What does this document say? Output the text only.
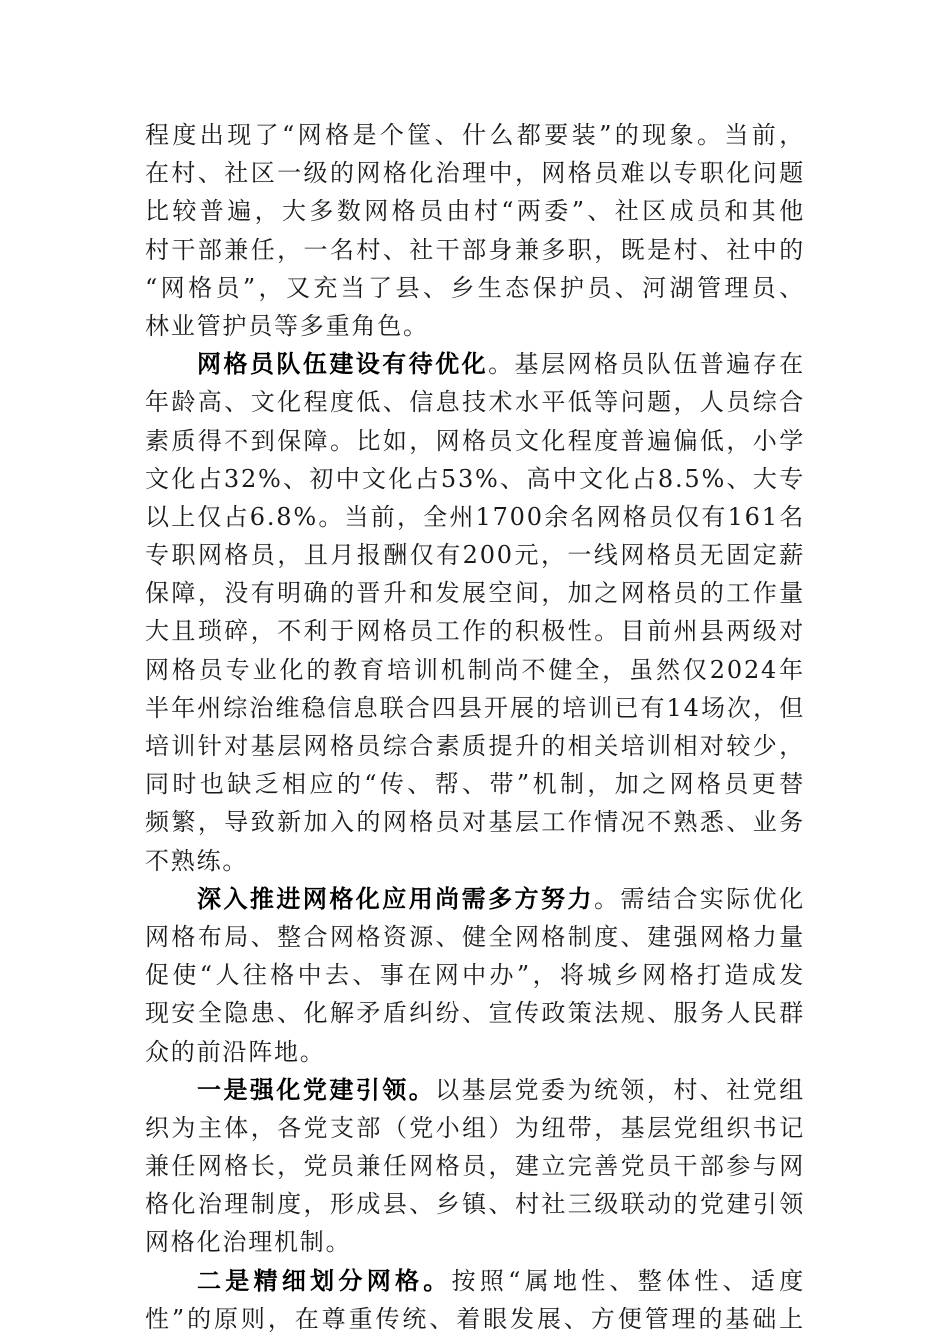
程度出现了“网格是个筐、什么都要装”的现象。当前，
在村、社区一级的网格化治理中，网格员难以专职化问题
比较普遍，大多数网格员由村“两委”、社区成员和其他
村干部兼任，一名村、社干部身兼多职，既是村、社中的
“网格员”，又充当了县、乡生态保护员、河湖管理员、
林业管护员等多重角色。
网格员队伍建设有待优化。基层网格员队伍普遍存在
年龄高、文化程度低、信息技术水平低等问题，人员综合
素质得不到保障。比如，网格员文化程度普遍偏低，小学
文化占32%、初中文化占53%、高中文化占8.5%、大专
以上仅占6.8%。当前，全州1700余名网格员仅有161名
专职网格员，且月报酬仅有200元，一线网格员无固定薪
保障，没有明确的晋升和发展空间，加之网格员的工作量
大且琐碎，不利于网格员工作的积极性。目前州县两级对
网格员专业化的教育培训机制尚不健全，虽然仅2024年
半年州综治维稳信息联合四县开展的培训已有14场次，但
培训针对基层网格员综合素质提升的相关培训相对较少，
同时也缺乏相应的“传、帮、带”机制，加之网格员更替
频繁，导致新加入的网格员对基层工作情况不熟悉、业务
不熟练。
深入推进网格化应用尚需多方努力。需结合实际优化
网格布局、整合网格资源、健全网格制度、建强网格力量
促使“人往格中去、事在网中办”，将城乡网格打造成发
现安全隐患、化解矛盾纠纷、宣传政策法规、服务人民群
众的前沿阵地。
一是强化党建引领。以基层党委为统领，村、社党组
织为主体，各党支部（党小组）为纽带，基层党组织书记
兼任网格长，党员兼任网格员，建立完善党员干部参与网
格化治理制度，形成县、乡镇、村社三级联动的党建引领
网格化治理机制。
二是精细划分网格。按照“属地性、整体性、适度
性”的原则，在尊重传统、着眼发展、方便管理的基础上
